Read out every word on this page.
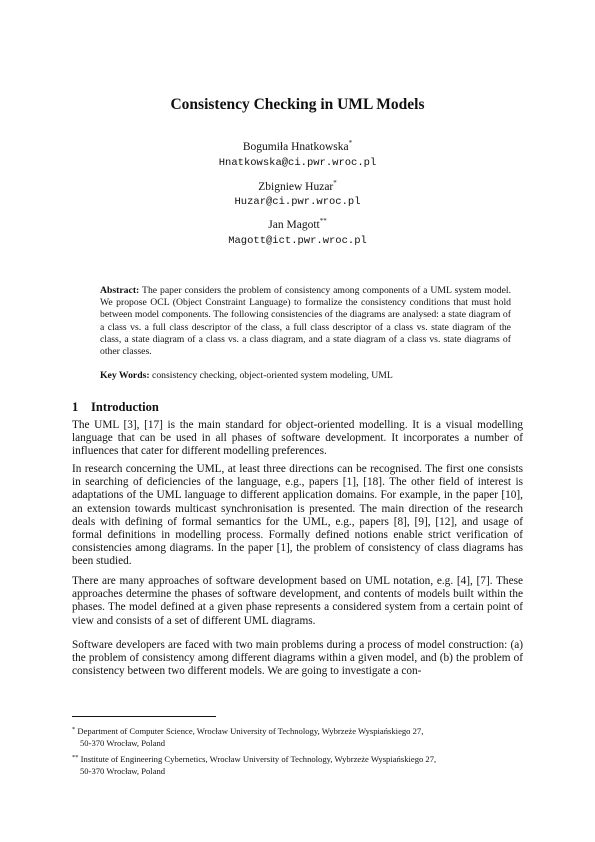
Consistency Checking in UML Models
Bogumiła Hnatkowska*
Hnatkowska@ci.pwr.wroc.pl
Zbigniew Huzar*
Huzar@ci.pwr.wroc.pl
Jan Magott**
Magott@ict.pwr.wroc.pl
Abstract: The paper considers the problem of consistency among components of a UML system model. We propose OCL (Object Constraint Language) to formalize the consistency conditions that must hold between model components. The following consistencies of the diagrams are analysed: a state diagram of a class vs. a full class descriptor of the class, a full class descriptor of a class vs. state diagram of the class, a state diagram of a class vs. a class diagram, and a state diagram of a class vs. state diagrams of other classes.
Key Words: consistency checking, object-oriented system modeling, UML
1 Introduction
The UML [3], [17] is the main standard for object-oriented modelling. It is a visual modelling language that can be used in all phases of software development. It incorporates a number of influences that cater for different modelling preferences.
In research concerning the UML, at least three directions can be recognised. The first one consists in searching of deficiencies of the language, e.g., papers [1], [18]. The other field of interest is adaptations of the UML language to different application domains. For example, in the paper [10], an extension towards multicast synchronisation is presented. The main direction of the research deals with defining of formal semantics for the UML, e.g., papers [8], [9], [12], and usage of formal definitions in modelling process. Formally defined notions enable strict verification of consistencies among diagrams. In the paper [1], the problem of consistency of class diagrams has been studied.
There are many approaches of software development based on UML notation, e.g. [4], [7]. These approaches determine the phases of software development, and contents of models built within the phases. The model defined at a given phase represents a considered system from a certain point of view and consists of a set of different UML diagrams.
Software developers are faced with two main problems during a process of model construction: (a) the problem of consistency among different diagrams within a given model, and (b) the problem of consistency between two different models. We are going to investigate a con-
* Department of Computer Science, Wrocław University of Technology, Wybrzeże Wyspiańskiego 27,
50-370 Wrocław, Poland
** Institute of Engineering Cybernetics, Wrocław University of Technology, Wybrzeże Wyspiańskiego 27,
50-370 Wrocław, Poland
